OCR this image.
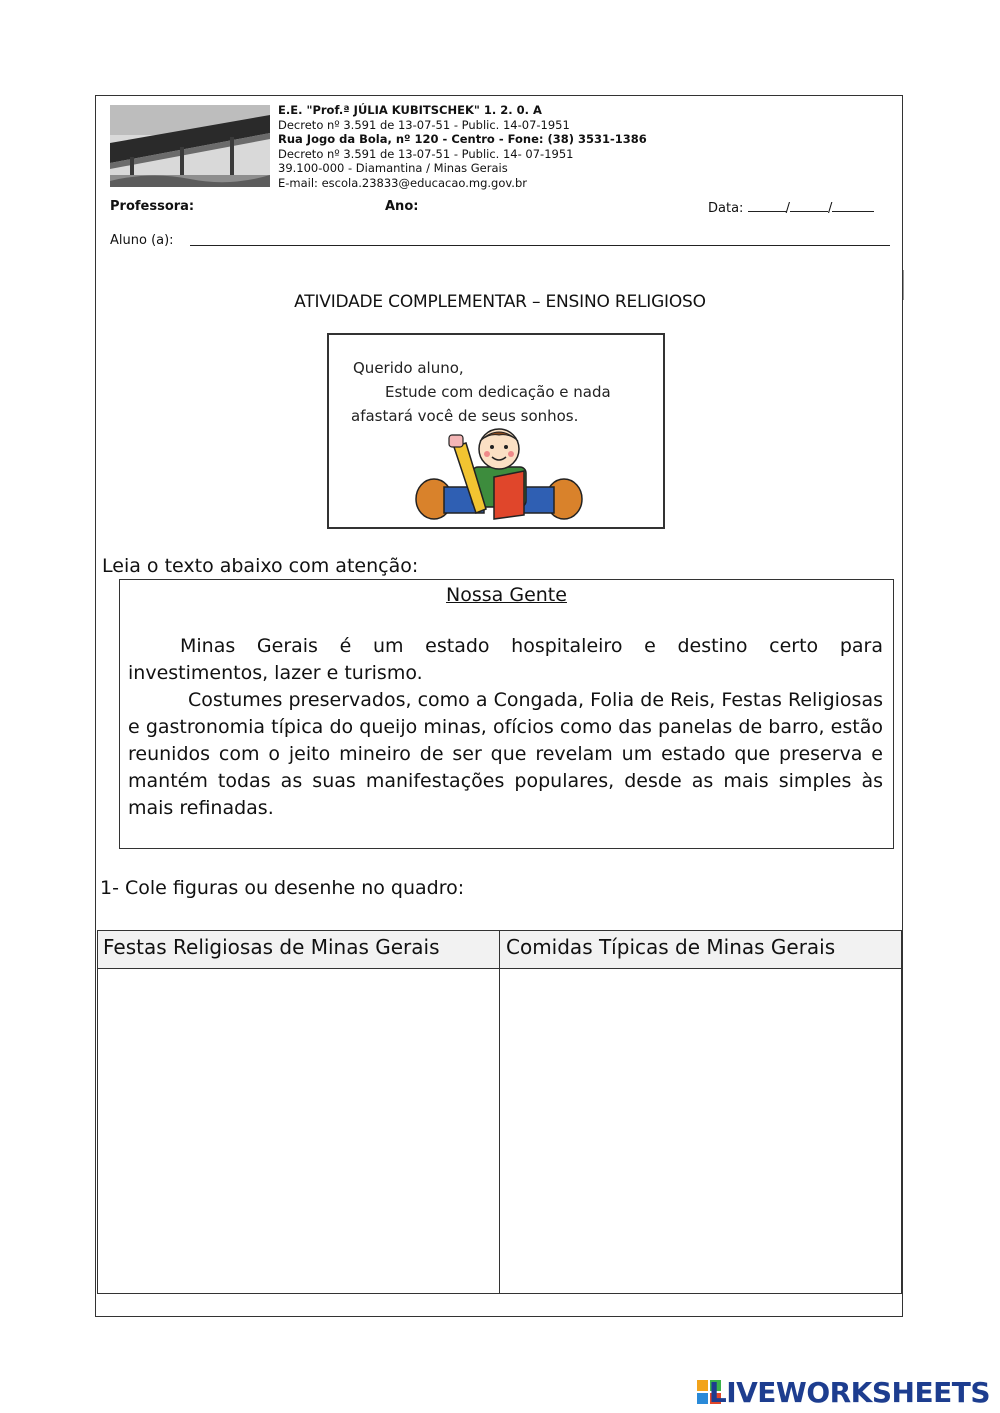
E.E. "Prof.ª JÚLIA KUBITSCHEK" 1. 2. 0. A
Decreto nº 3.591 de 13-07-51 - Public. 14-07-1951
Rua Jogo da Bola, nº 120 - Centro - Fone: (38) 3531-1386
Decreto nº 3.591 de 13-07-51 - Public. 14- 07-1951
39.100-000 - Diamantina / Minas Gerais
E-mail: escola.23833@educacao.mg.gov.br
Professora:	Ano:	Data:	/	/
Aluno (a):
ATIVIDADE COMPLEMENTAR – ENSINO RELIGIOSO
Querido aluno,
Estude com dedicação e nada
afastará você de seus sonhos.
Leia o texto abaixo com atenção:
Nossa Gente

Minas Gerais é um estado hospitaleiro e destino certo para investimentos, lazer e turismo.

Costumes preservados, como a Congada, Folia de Reis, Festas Religiosas e gastronomia típica do queijo minas, ofícios como das panelas de barro, estão reunidos com o jeito mineiro de ser que revelam um estado que preserva e mantém todas as suas manifestações populares, desde as mais simples às mais refinadas.

1- Cole figuras ou desenhe no quadro:
Festas Religiosas de Minas Gerais	Comidas Típicas de Minas Gerais
LIVEWORKSHEETS
